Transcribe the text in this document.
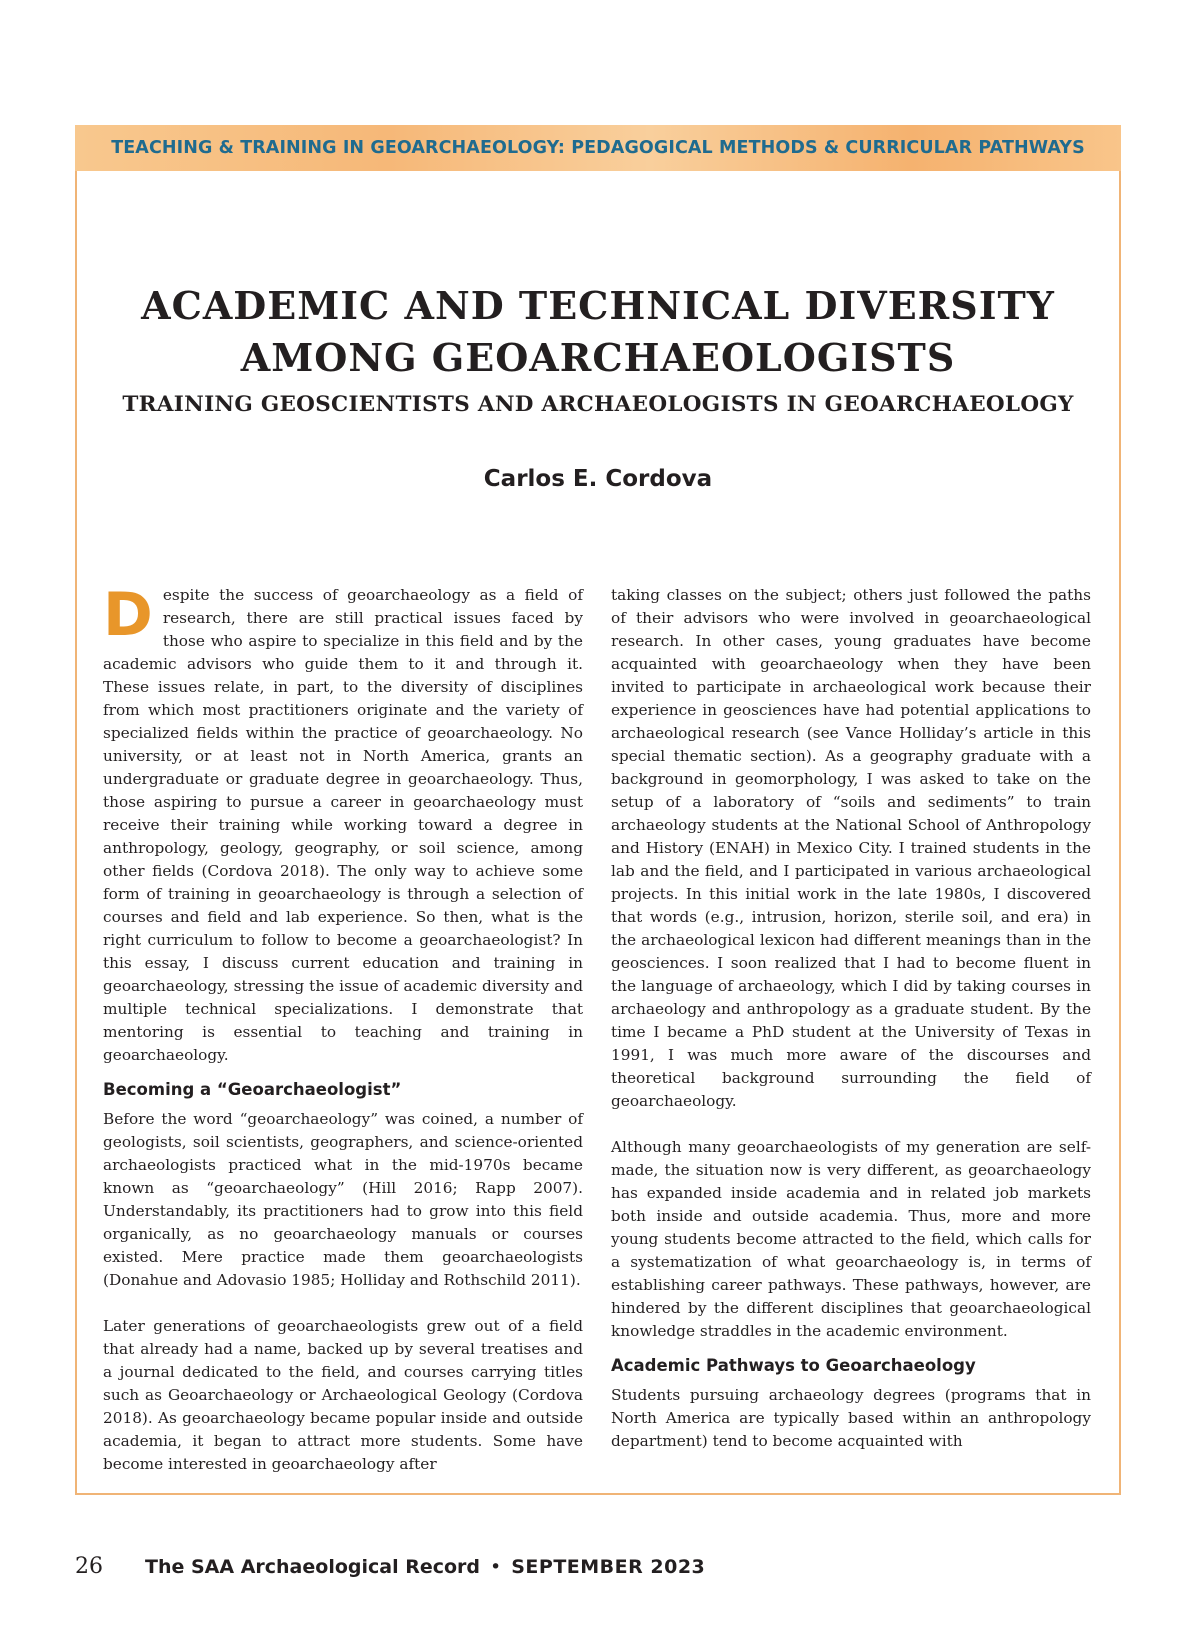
TEACHING & TRAINING IN GEOARCHAEOLOGY: PEDAGOGICAL METHODS & CURRICULAR PATHWAYS
ACADEMIC AND TECHNICAL DIVERSITY
AMONG GEOARCHAEOLOGISTS
TRAINING GEOSCIENTISTS AND ARCHAEOLOGISTS IN GEOARCHAEOLOGY
Carlos E. Cordova

Despite the success of geoarchaeology as a field of research, there are still practical issues faced by those who aspire to specialize in this field and by the academic advisors who guide them to it and through it. These issues relate, in part, to the diversity of disciplines from which most practitioners originate and the variety of specialized fields within the practice of geoarchaeology. No university, or at least not in North America, grants an undergraduate or graduate degree in geoarchaeology. Thus, those aspiring to pursue a career in geoarchaeology must receive their training while working toward a degree in anthropology, geology, geography, or soil science, among other fields (Cordova 2018). The only way to achieve some form of training in geoarchaeology is through a selection of courses and field and lab experience. So then, what is the right curriculum to follow to become a geoarchaeologist? In this essay, I discuss current education and training in geoarchaeology, stressing the issue of academic diversity and multiple technical specializations. I demonstrate that mentoring is essential to teaching and training in geoarchaeology.

Becoming a “Geoarchaeologist”

Before the word “geoarchaeology” was coined, a number of geologists, soil scientists, geographers, and science-oriented archaeologists practiced what in the mid-1970s became known as “geoarchaeology” (Hill 2016; Rapp 2007). Understandably, its practitioners had to grow into this field organically, as no geoarchaeology manuals or courses existed. Mere practice made them geoarchaeologists (Donahue and Adovasio 1985; Holliday and Rothschild 2011).

Later generations of geoarchaeologists grew out of a field that already had a name, backed up by several treatises and a journal dedicated to the field, and courses carrying titles such as Geoarchaeology or Archaeological Geology (Cordova 2018). As geoarchaeology became popular inside and outside academia, it began to attract more students. Some have become interested in geoarchaeology after

taking classes on the subject; others just followed the paths of their advisors who were involved in geoarchaeological research. In other cases, young graduates have become acquainted with geoarchaeology when they have been invited to participate in archaeological work because their experience in geosciences have had potential applications to archaeological research (see Vance Holliday’s article in this special thematic section). As a geography graduate with a background in geomorphology, I was asked to take on the setup of a laboratory of “soils and sediments” to train archaeology students at the National School of Anthropology and History (ENAH) in Mexico City. I trained students in the lab and the field, and I participated in various archaeological projects. In this initial work in the late 1980s, I discovered that words (e.g., intrusion, horizon, sterile soil, and era) in the archaeological lexicon had different meanings than in the geosciences. I soon realized that I had to become fluent in the language of archaeology, which I did by taking courses in archaeology and anthropology as a graduate student. By the time I became a PhD student at the University of Texas in 1991, I was much more aware of the discourses and theoretical background surrounding the field of geoarchaeology.

Although many geoarchaeologists of my generation are self-made, the situation now is very different, as geoarchaeology has expanded inside academia and in related job markets both inside and outside academia. Thus, more and more young students become attracted to the field, which calls for a systematization of what geoarchaeology is, in terms of establishing career pathways. These pathways, however, are hindered by the different disciplines that geoarchaeological knowledge straddles in the academic environment.

Academic Pathways to Geoarchaeology

Students pursuing archaeology degrees (programs that in North America are typically based within an anthropology department) tend to become acquainted with

26	The SAA Archaeological Record • SEPTEMBER 2023
